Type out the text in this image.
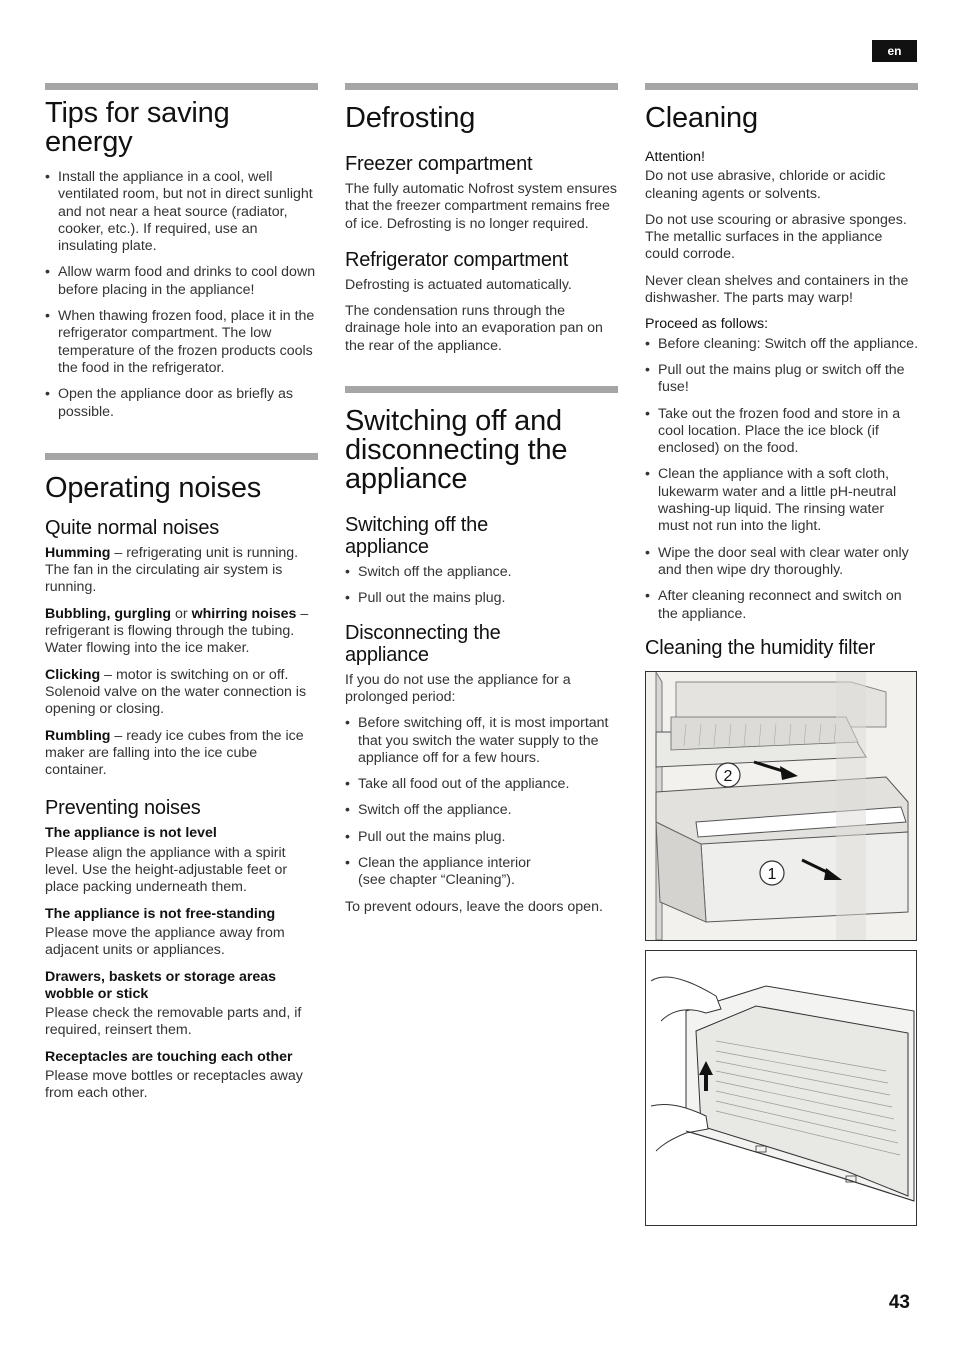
en
Tips for saving energy
• Install the appliance in a cool, well ventilated room, but not in direct sunlight and not near a heat source (radiator, cooker, etc.). If required, use an insulating plate.
• Allow warm food and drinks to cool down before placing in the appliance!
• When thawing frozen food, place it in the refrigerator compartment. The low temperature of the frozen products cools the food in the refrigerator.
• Open the appliance door as briefly as possible.
Operating noises
Quite normal noises

Humming – refrigerating unit is running. The fan in the circulating air system is running.

Bubbling, gurgling or whirring noises – refrigerant is flowing through the tubing. Water flowing into the ice maker.

Clicking – motor is switching on or off. Solenoid valve on the water connection is opening or closing.

Rumbling – ready ice cubes from the ice maker are falling into the ice cube container.

Preventing noises
The appliance is not level

Please align the appliance with a spirit level. Use the height-adjustable feet or place packing underneath them.

The appliance is not free-standing

Please move the appliance away from adjacent units or appliances.

Drawers, baskets or storage areas wobble or stick

Please check the removable parts and, if required, reinsert them.

Receptacles are touching each other

Please move bottles or receptacles away from each other.

Defrosting
Freezer compartment

The fully automatic Nofrost system ensures that the freezer compartment remains free of ice. Defrosting is no longer required.

Refrigerator compartment

Defrosting is actuated automatically.

The condensation runs through the drainage hole into an evaporation pan on the rear of the appliance.

Switching off and disconnecting the appliance
Switching off the appliance
• Switch off the appliance.
• Pull out the mains plug.
Disconnecting the appliance

If you do not use the appliance for a prolonged period:

• Before switching off, it is most important that you switch the water supply to the appliance off for a few hours.
• Take all food out of the appliance.
• Switch off the appliance.
• Pull out the mains plug.
• Clean the appliance interior (see chapter “Cleaning”).

To prevent odours, leave the doors open.

Cleaning
Attention!

Do not use abrasive, chloride or acidic cleaning agents or solvents.

Do not use scouring or abrasive sponges. The metallic surfaces in the appliance could corrode.

Never clean shelves and containers in the dishwasher. The parts may warp!

Proceed as follows:
• Before cleaning: Switch off the appliance.
• Pull out the mains plug or switch off the fuse!
• Take out the frozen food and store in a cool location. Place the ice block (if enclosed) on the food.
• Clean the appliance with a soft cloth, lukewarm water and a little pH-neutral washing-up liquid. The rinsing water must not run into the light.
• Wipe the door seal with clear water only and then wipe dry thoroughly.
• After cleaning reconnect and switch on the appliance.
Cleaning the humidity filter
2
1
43
